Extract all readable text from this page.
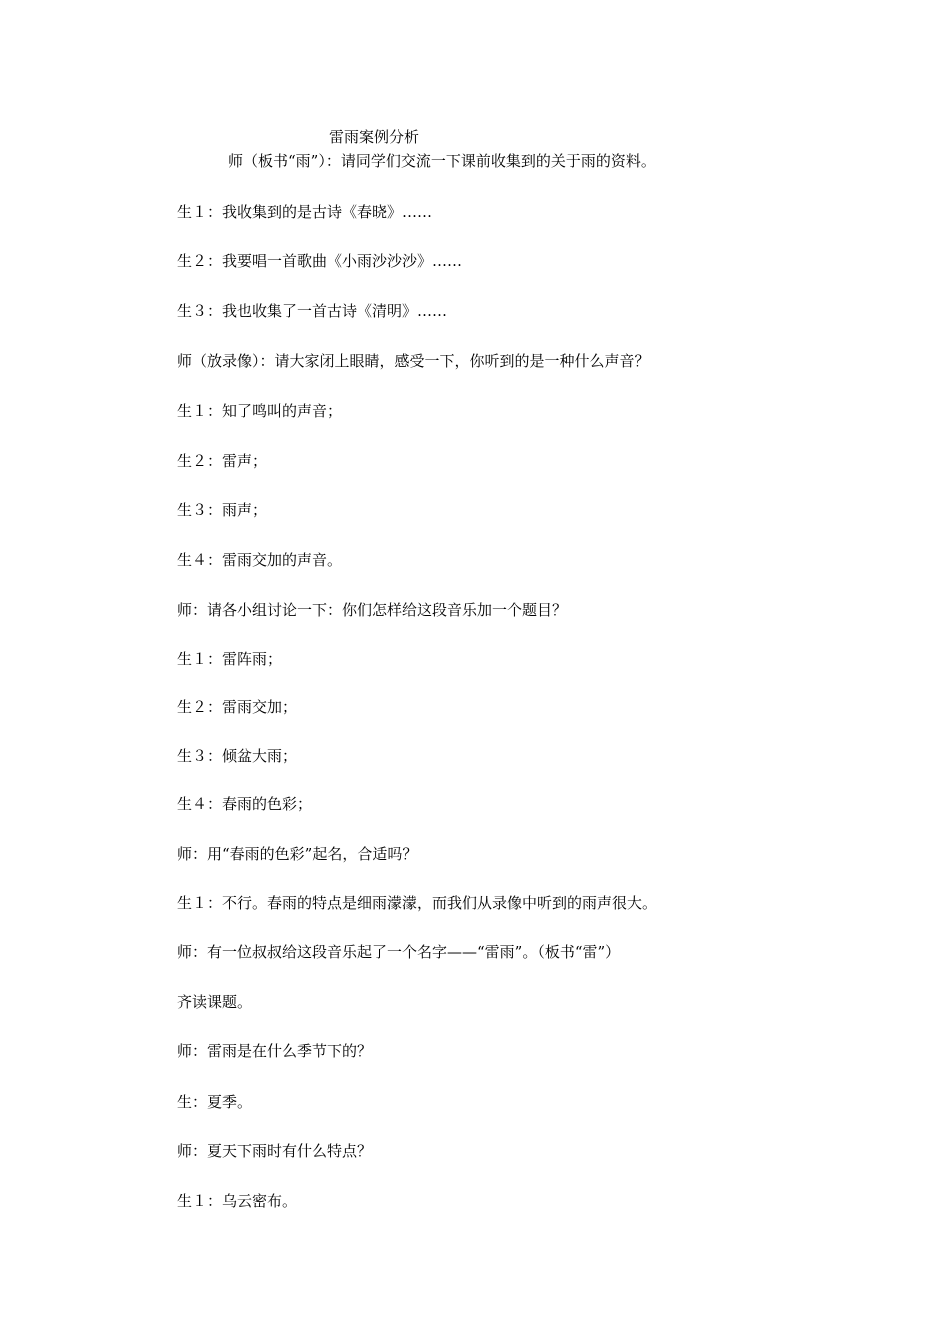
雷雨案例分析
师（板书“雨”）：请同学们交流一下课前收集到的关于雨的资料。
生１：我收集到的是古诗《春晓》……
生２：我要唱一首歌曲《小雨沙沙沙》……
生３：我也收集了一首古诗《清明》……
师（放录像）：请大家闭上眼睛，感受一下，你听到的是一种什么声音？
生１：知了鸣叫的声音；
生２：雷声；
生３：雨声；
生４：雷雨交加的声音。
师：请各小组讨论一下：你们怎样给这段音乐加一个题目？
生１：雷阵雨；
生２：雷雨交加；
生３：倾盆大雨；
生４：春雨的色彩；
师：用“春雨的色彩”起名，合适吗？
生１：不行。春雨的特点是细雨濛濛，而我们从录像中听到的雨声很大。
师：有一位叔叔给这段音乐起了一个名字——“雷雨”。（板书“雷”）
齐读课题。
师：雷雨是在什么季节下的？
生：夏季。
师：夏天下雨时有什么特点？
生１：乌云密布。
